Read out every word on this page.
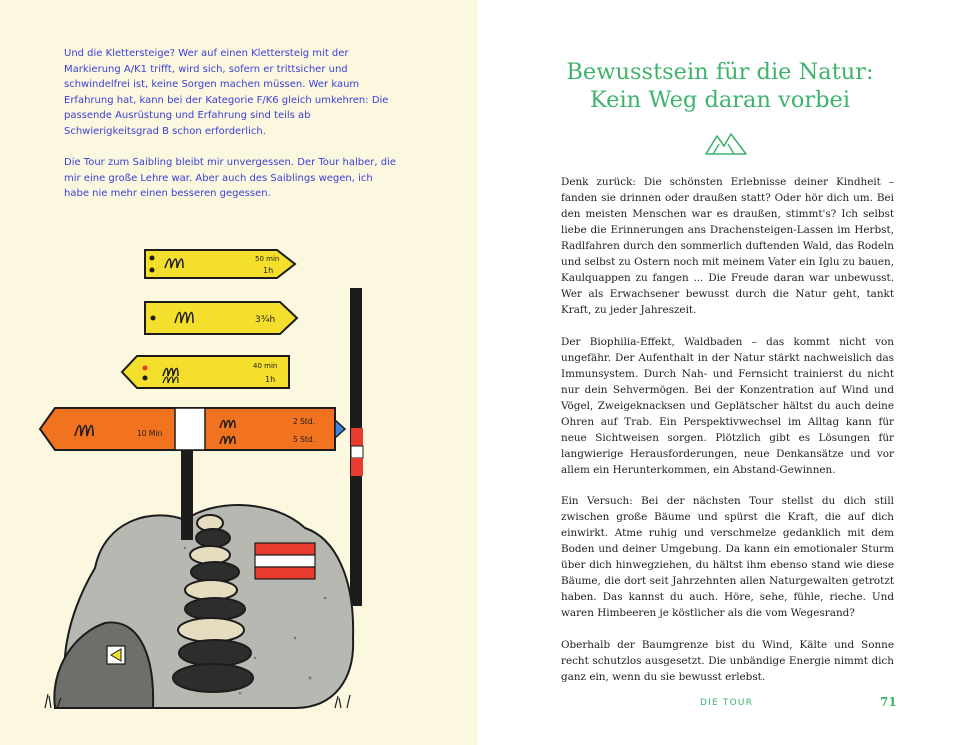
Und die Klettersteige? Wer auf einen Klettersteig mit der Markierung A/K1 trifft, wird sich, sofern er trittsicher und schwindelfrei ist, keine Sorgen machen müssen. Wer kaum Erfahrung hat, kann bei der Kategorie F/K6 gleich umkehren: Die passende Ausrüstung und Erfahrung sind teils ab Schwierigkeitsgrad B schon erforderlich.

Die Tour zum Saibling bleibt mir unvergessen. Der Tour halber, die mir eine große Lehre war. Aber auch des Saiblings wegen, ich habe nie mehr einen besseren gegessen.

50 min
1h
3¾h
40 min
1h
10 Min
2 Std.
5 Std.
Bewusstsein für die Natur:
Kein Weg daran vorbei

Denk zurück: Die schönsten Erlebnisse deiner Kindheit – fanden sie drinnen oder draußen statt? Oder hör dich um. Bei den meisten Menschen war es draußen, stimmt's? Ich selbst liebe die Erinnerungen ans Drachensteigen-Lassen im Herbst, Radlfahren durch den sommerlich duftenden Wald, das Rodeln und selbst zu Ostern noch mit meinem Vater ein Iglu zu bauen, Kaulquappen zu fangen ... Die Freude daran war unbewusst. Wer als Erwachsener bewusst durch die Natur geht, tankt Kraft, zu jeder Jahreszeit.

Der Biophilia-Effekt, Waldbaden – das kommt nicht von ungefähr. Der Aufenthalt in der Natur stärkt nachweislich das Immunsystem. Durch Nah- und Fernsicht trainierst du nicht nur dein Sehvermögen. Bei der Konzentration auf Wind und Vögel, Zweigeknacksen und Geplätscher hältst du auch deine Ohren auf Trab. Ein Perspektivwechsel im Alltag kann für neue Sichtweisen sorgen. Plötzlich gibt es Lösungen für langwierige Herausforderungen, neue Denkansätze und vor allem ein Herunterkommen, ein Abstand-Gewinnen.

Ein Versuch: Bei der nächsten Tour stellst du dich still zwischen große Bäume und spürst die Kraft, die auf dich einwirkt. Atme ruhig und verschmelze gedanklich mit dem Boden und deiner Umgebung. Da kann ein emotionaler Sturm über dich hinwegziehen, du hältst ihm ebenso stand wie diese Bäume, die dort seit Jahrzehnten allen Naturgewalten getrotzt haben. Das kannst du auch. Höre, sehe, fühle, rieche. Und waren Himbeeren je köstlicher als die vom Wegesrand?

Oberhalb der Baumgrenze bist du Wind, Kälte und Sonne recht schutzlos ausgesetzt. Die unbändige Energie nimmt dich ganz ein, wenn du sie bewusst erlebst.

DIE TOUR	71
